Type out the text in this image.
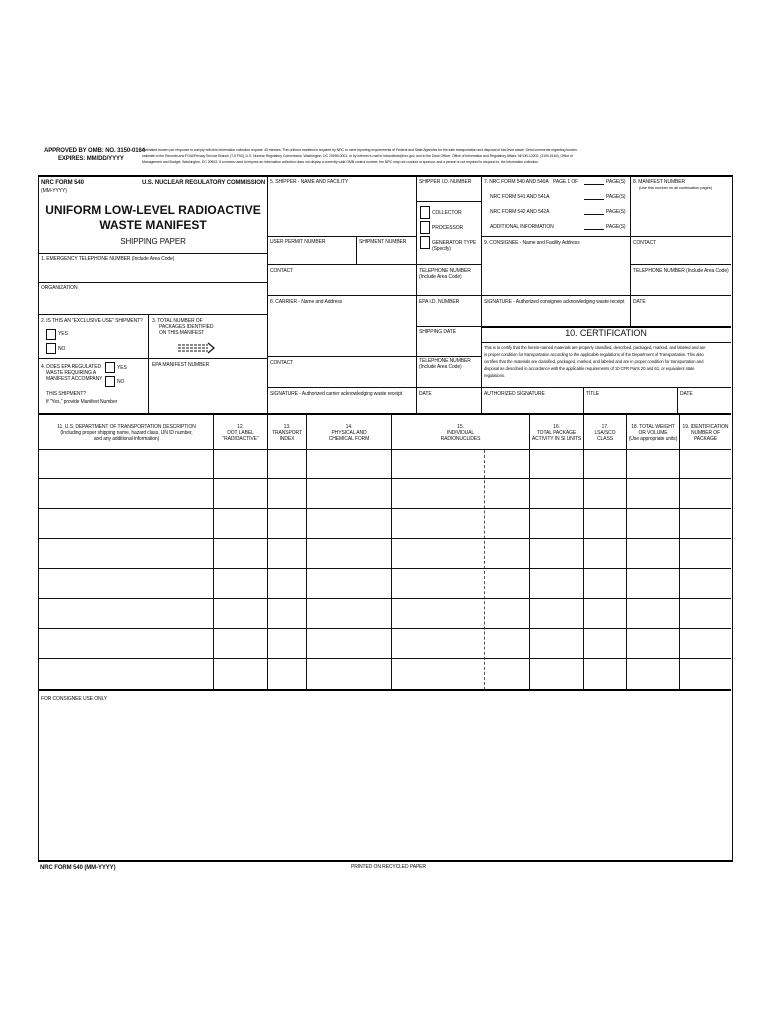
APPROVED BY OMB: NO. 3150-0164
EXPIRES: MM/DD/YYYY
Estimated burden per response to comply with this information collection request: 45 minutes. This uniform manifest is required by NRC to meet reporting requirements of Federal and State Agencies for the safe transportation and disposal of low-level waste. Send comments regarding burden
estimate to the Records and FOIA/Privacy Service Branch (T-5 F53), U.S. Nuclear Regulatory Commission, Washington, DC 20555-0001, or by internet e-mail to infocollects@nrc.gov, and to the Desk Officer, Office of Information and Regulatory Affairs, NEOB-10202, (3150-0164), Office of
Management and Budget, Washington, DC 20503. If a means used to impose an information collection does not display a currently valid OMB control number, the NRC may not conduct or sponsor, and a person is not required to respond to, the information collection.
NRC FORM 540
(MM-YYYY)
U.S. NUCLEAR REGULATORY COMMISSION
UNIFORM LOW-LEVEL RADIOACTIVE
WASTE MANIFEST
SHIPPING PAPER
1. EMERGENCY TELEPHONE NUMBER (Include Area Code)
ORGANIZATION
2. IS THIS AN "EXCLUSIVE USE" SHIPMENT?
YES
NO
3. TOTAL NUMBER OF
PACKAGES IDENTIFIED
ON THIS MANIFEST
4. DOES EPA REGULATED
WASTE REQUIRING A
MANIFEST ACCOMPANY
THIS SHIPMENT?
If "Yes," provide Manifest Number
YES
NO
EPA MANIFEST NUMBER
5. SHIPPER - NAME AND FACILITY	SHIPPER I.D. NUMBER
COLLECTOR
PROCESSOR
GENERATOR TYPE
(Specify)
USER PERMIT NUMBER	SHIPMENT NUMBER
CONTACT	TELEPHONE NUMBER
(Include Area Code)
8. CARRIER - Name and Address	EPA I.D. NUMBER
SHIPPING DATE
CONTACT	TELEPHONE NUMBER
(Include Area Code)
SIGNATURE - Authorized carrier acknowledging waste receipt	DATE
7. NRC FORM 540 AND 540A PAGE 1 OF	PAGE(S)
NRC FORM 541 AND 541A	PAGE(S)
NRC FORM 542 AND 542A	PAGE(S)
ADDITIONAL INFORMATION	PAGE(S)
8. MANIFEST NUMBER
(Use this number on all continuation pages)
9. CONSIGNEE - Name and Facility Address	CONTACT
TELEPHONE NUMBER (Include Area Code)
SIGNATURE - Authorized consignee acknowledging waste receipt DATE
10. CERTIFICATION
This is to certify that the herein-named materials are properly classified, described, packaged, marked, and labeled and are
in proper condition for transportation according to the applicable regulations of the Department of Transportation. This also
certifies that the materials are classified, packaged, marked, and labeled and are in proper condition for transportation and
disposal as described in accordance with the applicable requirements of 10 CFR Parts 20 and 61, or equivalent state
regulations.
AUTHORIZED SIGNATURE	TITLE	DATE
11. U.S. DEPARTMENT OF TRANSPORTATION DESCRIPTION
(Including proper shipping name, hazard class, UN ID number,
and any additional information)
12.
DOT LABEL
"RADIOACTIVE"
13.
TRANSPORT
INDEX
14.
PHYSICAL AND
CHEMICAL FORM
15.
INDIVIDUAL
RADIONUCLIDES
16.
TOTAL PACKAGE
ACTIVITY IN SI UNITS
17.
LSA/SCO
CLASS
18. TOTAL WEIGHT
OR VOLUME
(Use appropriate units)
19. IDENTIFICATION
NUMBER OF
PACKAGE
FOR CONSIGNEE USE ONLY
NRC FORM 540 (MM-YYYY)	PRINTED ON RECYCLED PAPER
